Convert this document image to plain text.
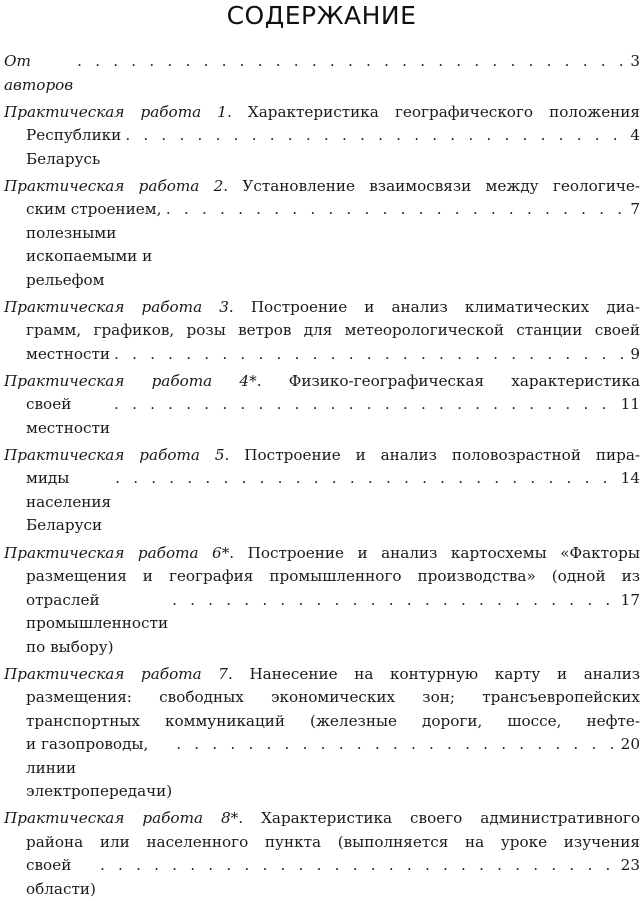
СОДЕРЖАНИЕ
От авторов
. . .
3
Практическая работа 1. Характеристика географического положения
Республики Беларусь
. . .
4
Практическая работа 2. Установление взаимосвязи между геологиче-
ским строением, полезными ископаемыми и рельефом
. . .
7
Практическая работа 3. Построение и анализ климатических диа-
грамм, графиков, розы ветров для метеорологической станции своей
местности
. . .	9
Практическая работа 4*. Физико-географическая характеристика
своей местности
. . .
11
Практическая работа 5. Построение и анализ половозрастной пира-
миды населения Беларуси
. . .
14
Практическая работа 6*. Построение и анализ картосхемы «Факторы
размещения и география промышленного производства» (одной из
отраслей промышленности по выбору)
. . .
17
Практическая работа 7. Нанесение на контурную карту и анализ
размещения: свободных экономических зон; трансъевропейских
транспортных коммуникаций (железные дороги, шоссе, нефте-
и газопроводы, линии электропередачи)
. . .
20
Практическая работа 8*. Характеристика своего административного
района или населенного пункта (выполняется на уроке изучения
своей области)
. . .
23
